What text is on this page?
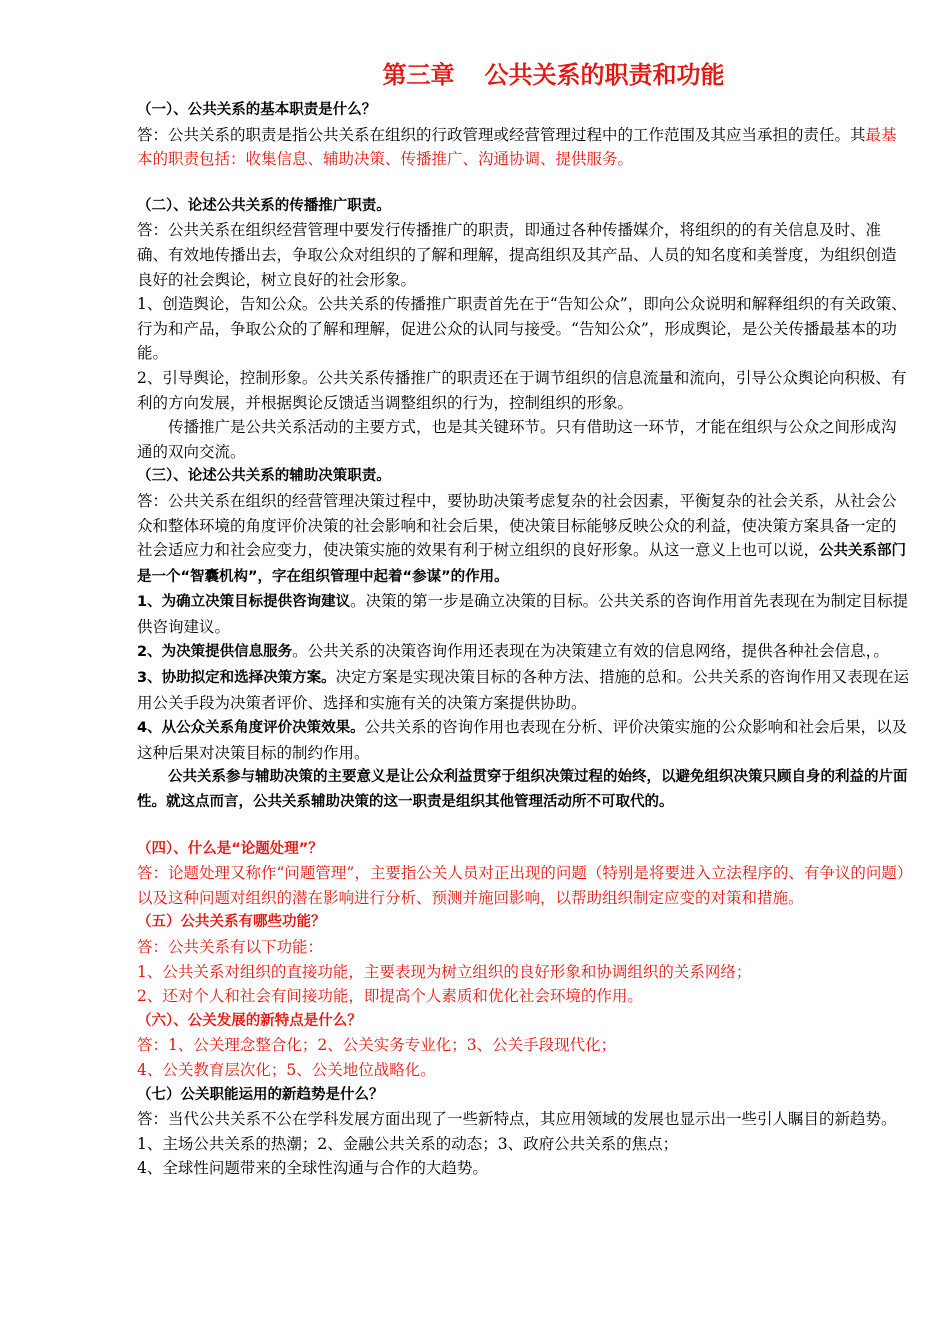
第三章 公共关系的职责和功能

（一）、公共关系的基本职责是什么？

答：公共关系的职责是指公共关系在组织的行政管理或经营管理过程中的工作范围及其应当承担的责任。其最基本的职责包括：收集信息、辅助决策、传播推广、沟通协调、提供服务。

（二）、论述公共关系的传播推广职责。

答：公共关系在组织经营管理中要发行传播推广的职责，即通过各种传播媒介，将组织的的有关信息及时、准确、有效地传播出去，争取公众对组织的了解和理解，提高组织及其产品、人员的知名度和美誉度，为组织创造良好的社会舆论，树立良好的社会形象。

1、创造舆论，告知公众。公共关系的传播推广职责首先在于“告知公众”，即向公众说明和解释组织的有关政策、行为和产品，争取公众的了解和理解，促进公众的认同与接受。“告知公众”，形成舆论，是公关传播最基本的功能。

2、引导舆论，控制形象。公共关系传播推广的职责还在于调节组织的信息流量和流向，引导公众舆论向积极、有利的方向发展，并根据舆论反馈适当调整组织的行为，控制组织的形象。

传播推广是公共关系活动的主要方式，也是其关键环节。只有借助这一环节，才能在组织与公众之间形成沟通的双向交流。

（三）、论述公共关系的辅助决策职责。

答：公共关系在组织的经营管理决策过程中，要协助决策考虑复杂的社会因素，平衡复杂的社会关系，从社会公众和整体环境的角度评价决策的社会影响和社会后果，使决策目标能够反映公众的利益，使决策方案具备一定的社会适应力和社会应变力，使决策实施的效果有利于树立组织的良好形象。从这一意义上也可以说，公共关系部门是一个“智囊机构”，字在组织管理中起着“参谋”的作用。

1、为确立决策目标提供咨询建议。决策的第一步是确立决策的目标。公共关系的咨询作用首先表现在为制定目标提供咨询建议。

2、为决策提供信息服务。公共关系的决策咨询作用还表现在为决策建立有效的信息网络，提供各种社会信息，。

3、协助拟定和选择决策方案。决定方案是实现决策目标的各种方法、措施的总和。公共关系的咨询作用又表现在运用公关手段为决策者评价、选择和实施有关的决策方案提供协助。

4、从公众关系角度评价决策效果。公共关系的咨询作用也表现在分析、评价决策实施的公众影响和社会后果，以及这种后果对决策目标的制约作用。

公共关系参与辅助决策的主要意义是让公众利益贯穿于组织决策过程的始终，以避免组织决策只顾自身的利益的片面性。就这点而言，公共关系辅助决策的这一职责是组织其他管理活动所不可取代的。

（四）、什么是“论题处理”？

答：论题处理又称作“问题管理”，主要指公关人员对正出现的问题（特别是将要进入立法程序的、有争议的问题）以及这种问题对组织的潜在影响进行分析、预测并施回影响，以帮助组织制定应变的对策和措施。

（五）公共关系有哪些功能？

答：公共关系有以下功能：

1、公共关系对组织的直接功能，主要表现为树立组织的良好形象和协调组织的关系网络；

2、还对个人和社会有间接功能，即提高个人素质和优化社会环境的作用。

（六）、公关发展的新特点是什么？

答：1、公关理念整合化；2、公关实务专业化；3、公关手段现代化；

4、公关教育层次化；5、公关地位战略化。

（七）公关职能运用的新趋势是什么？

答：当代公共关系不公在学科发展方面出现了一些新特点，其应用领域的发展也显示出一些引人瞩目的新趋势。

1、主场公共关系的热潮；2、金融公共关系的动态；3、政府公共关系的焦点；

4、全球性问题带来的全球性沟通与合作的大趋势。
